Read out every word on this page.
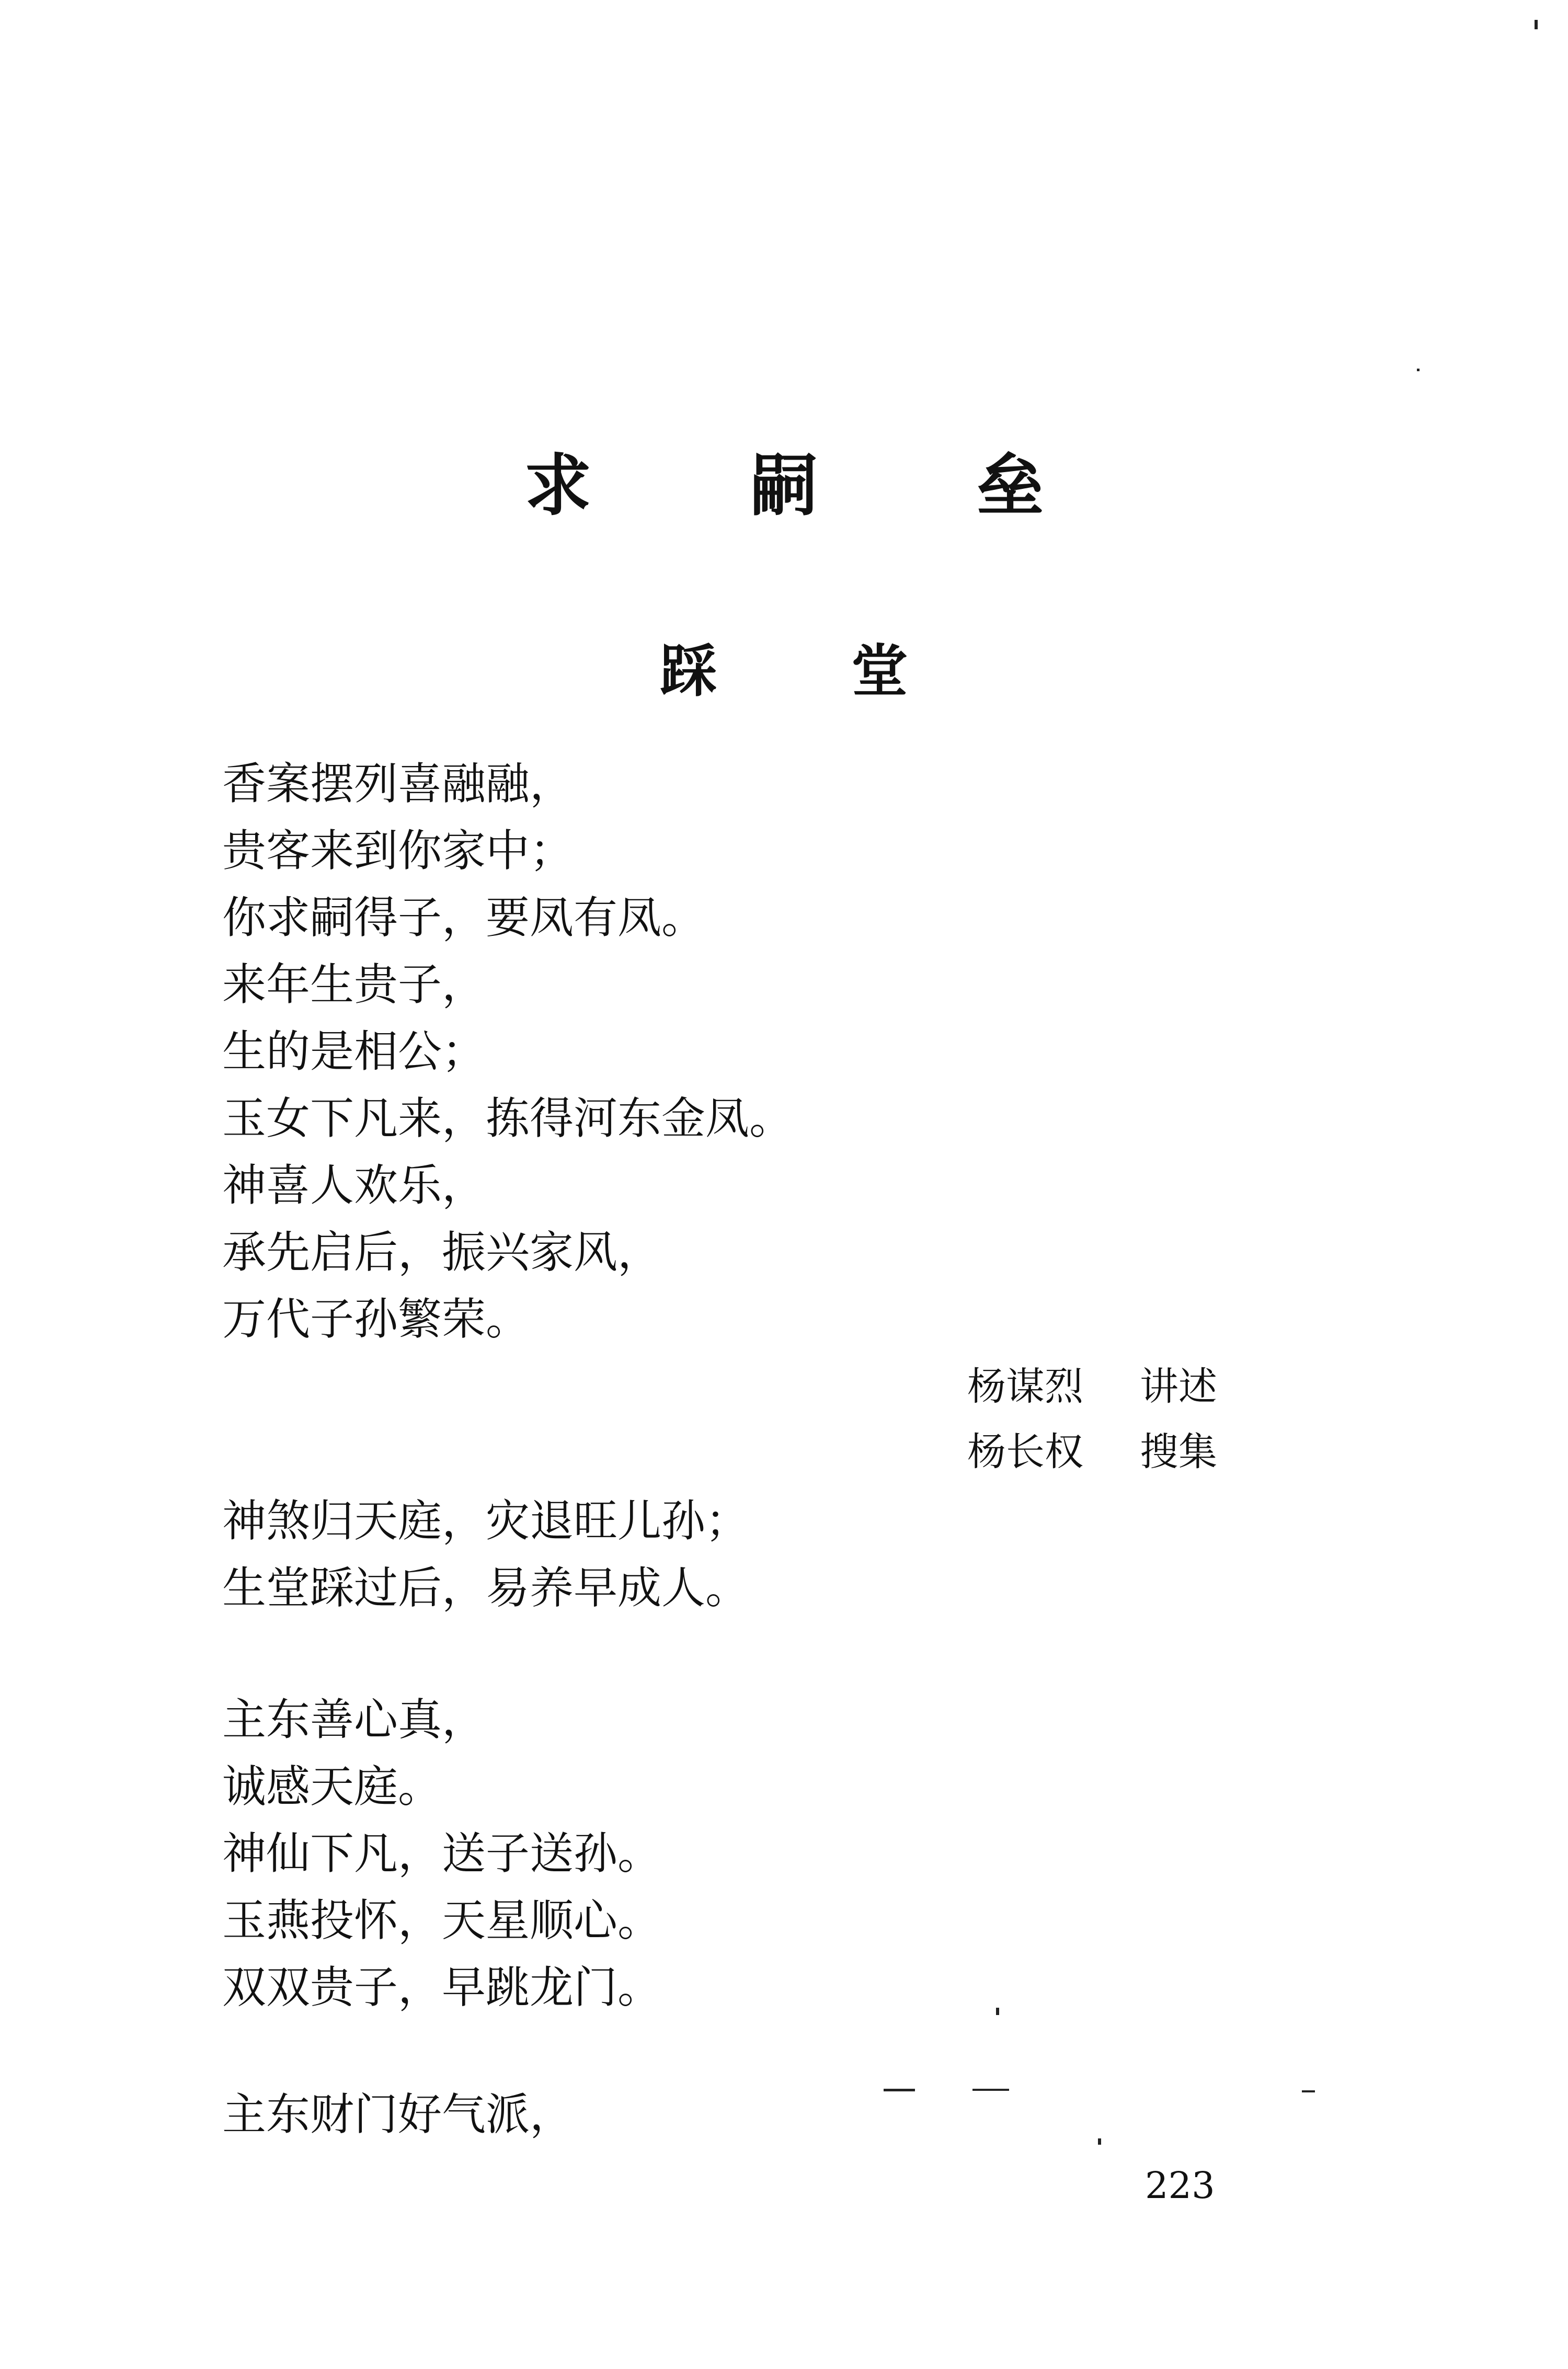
求 嗣 垒
踩 堂
香案摆列喜融融，
贵客来到你家中；
你求嗣得子，要凤有凤。
来年生贵子，
生的是相公；
玉女下凡来，拣得河东金凤。
神喜人欢乐，
承先启后，振兴家风，
万代子孙繁荣。
杨谋烈 讲述
杨长权 搜集
神煞归天庭，灾退旺儿孙；
生堂踩过后，易养早成人。
主东善心真，
诚感天庭。
神仙下凡，送子送孙。
玉燕投怀，天星顺心。
双双贵子，早跳龙门。
主东财门好气派，
223
